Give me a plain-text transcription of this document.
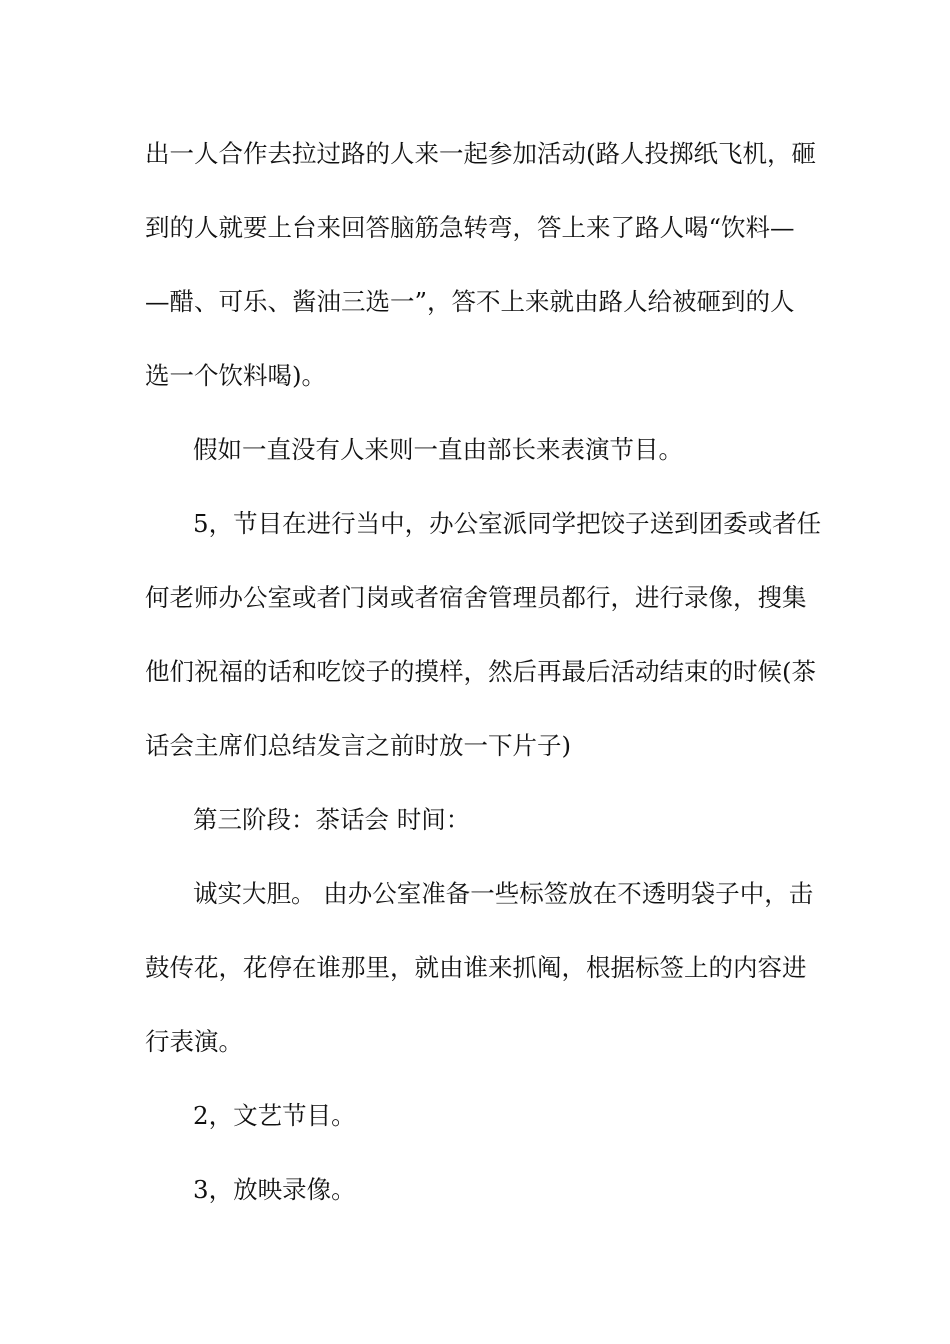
出一人合作去拉过路的人来一起参加活动(路人投掷纸飞机，砸
到的人就要上台来回答脑筋急转弯，答上来了路人喝“饮料—
—醋、可乐、酱油三选一”，答不上来就由路人给被砸到的人
选一个饮料喝)。
假如一直没有人来则一直由部长来表演节目。
5，节目在进行当中，办公室派同学把饺子送到团委或者任
何老师办公室或者门岗或者宿舍管理员都行，进行录像，搜集
他们祝福的话和吃饺子的摸样，然后再最后活动结束的时候(茶
话会主席们总结发言之前时放一下片子)
第三阶段：茶话会 时间：
诚实大胆。 由办公室准备一些标签放在不透明袋子中，击
鼓传花，花停在谁那里，就由谁来抓阄，根据标签上的内容进
行表演。
2，文艺节目。
3，放映录像。
